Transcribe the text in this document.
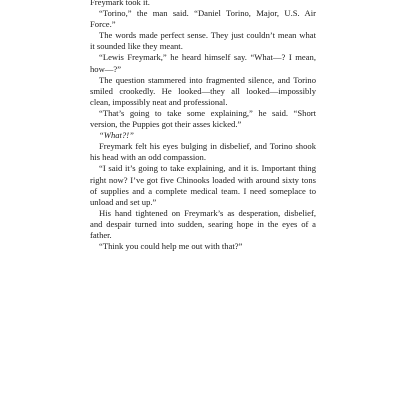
Freymark took it.

“Torino,” the man said. “Daniel Torino, Major, U.S. Air Force.”

The words made perfect sense. They just couldn’t mean what it sounded like they meant.

“Lewis Freymark,” he heard himself say. “What—? I mean, how—?”

The question stammered into fragmented silence, and Torino smiled crookedly. He looked—they all looked—impossibly clean, impossibly neat and professional.

“That’s going to take some explaining,” he said. “Short version, the Puppies got their asses kicked.”

“What?!”

Freymark felt his eyes bulging in disbelief, and Torino shook his head with an odd compassion.

“I said it’s going to take explaining, and it is. Important thing right now? I’ve got five Chinooks loaded with around sixty tons of supplies and a complete medical team. I need someplace to unload and set up.”

His hand tightened on Freymark’s as desperation, disbelief, and despair turned into sudden, searing hope in the eyes of a father.

“Think you could help me out with that?”
